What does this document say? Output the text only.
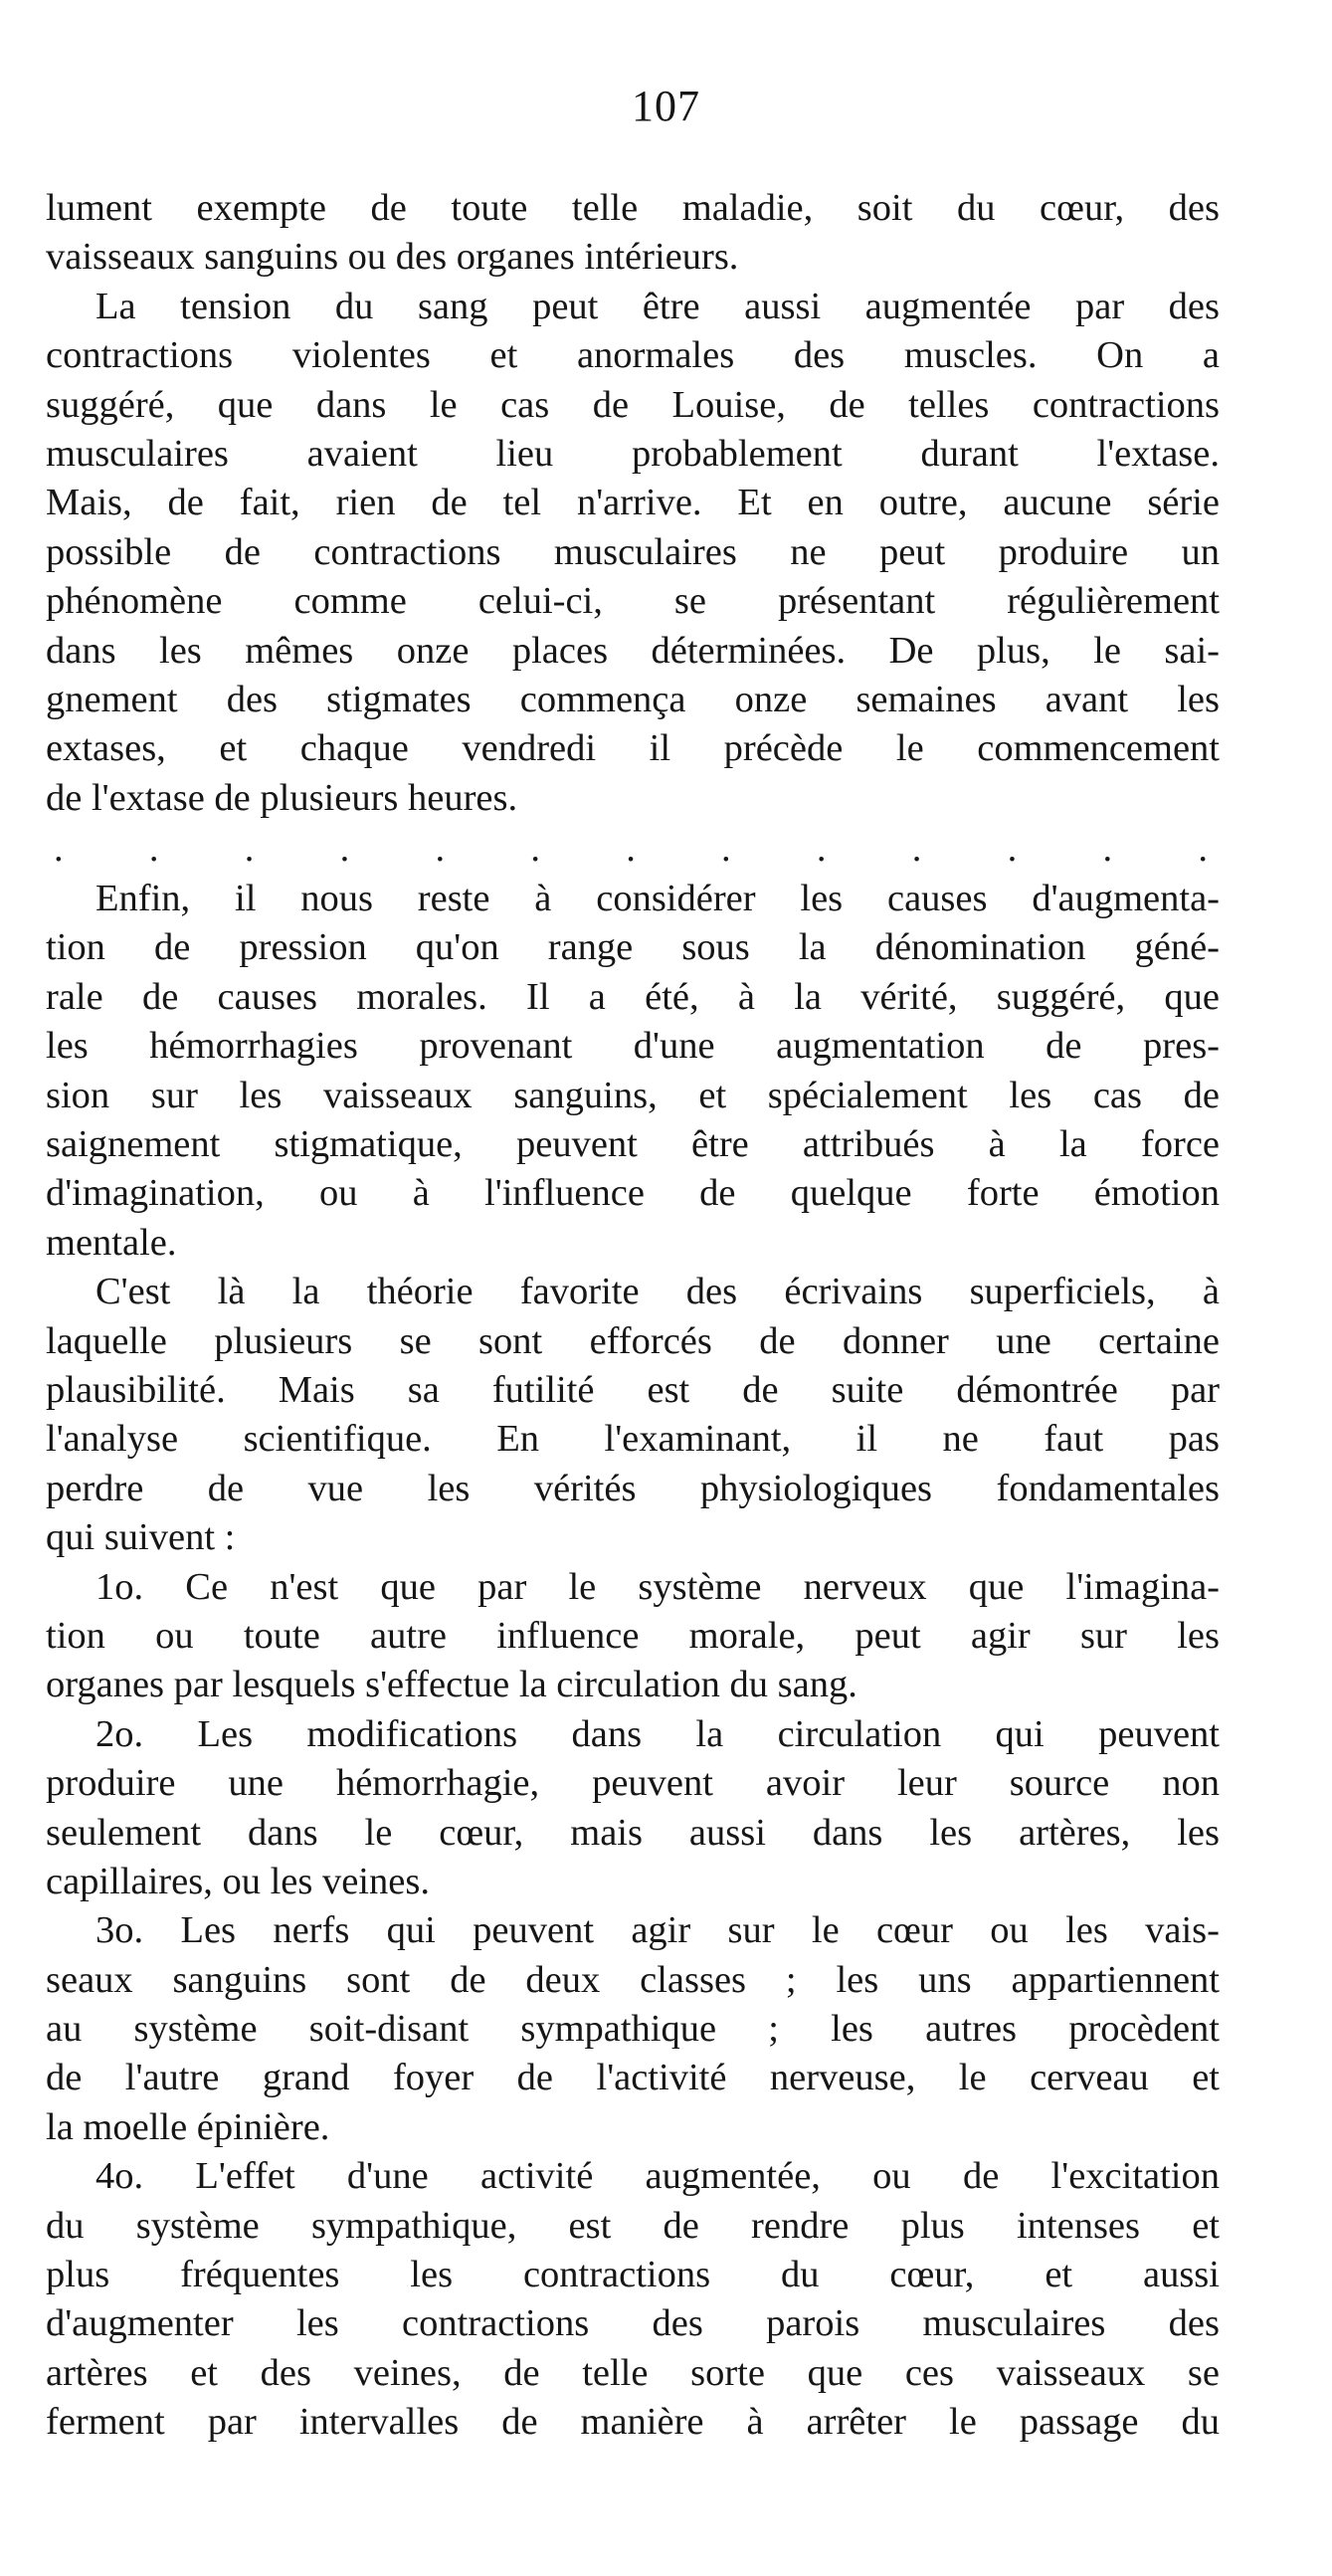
107
lument exempte de toute telle maladie, soit du cœur, des
vaisseaux sanguins ou des organes intérieurs.
La tension du sang peut être aussi augmentée par des
contractions violentes et anormales des muscles. On a
suggéré, que dans le cas de Louise, de telles contractions
musculaires avaient lieu probablement durant l'extase.
Mais, de fait, rien de tel n'arrive. Et en outre, aucune série
possible de contractions musculaires ne peut produire un
phénomène comme celui-ci, se présentant régulièrement
dans les mêmes onze places déterminées. De plus, le sai-
gnement des stigmates commença onze semaines avant les
extases, et chaque vendredi il précède le commencement
de l'extase de plusieurs heures.
. . . . . . . . . . . . .
Enfin, il nous reste à considérer les causes d'augmenta-
tion de pression qu'on range sous la dénomination géné-
rale de causes morales. Il a été, à la vérité, suggéré, que
les hémorrhagies provenant d'une augmentation de pres-
sion sur les vaisseaux sanguins, et spécialement les cas de
saignement stigmatique, peuvent être attribués à la force
d'imagination, ou à l'influence de quelque forte émotion
mentale.
C'est là la théorie favorite des écrivains superficiels, à
laquelle plusieurs se sont efforcés de donner une certaine
plausibilité. Mais sa futilité est de suite démontrée par
l'analyse scientifique. En l'examinant, il ne faut pas
perdre de vue les vérités physiologiques fondamentales
qui suivent :
1o. Ce n'est que par le système nerveux que l'imagina-
tion ou toute autre influence morale, peut agir sur les
organes par lesquels s'effectue la circulation du sang.
2o. Les modifications dans la circulation qui peuvent
produire une hémorrhagie, peuvent avoir leur source non
seulement dans le cœur, mais aussi dans les artères, les
capillaires, ou les veines.
3o. Les nerfs qui peuvent agir sur le cœur ou les vais-
seaux sanguins sont de deux classes ; les uns appartiennent
au système soit-disant sympathique ; les autres procèdent
de l'autre grand foyer de l'activité nerveuse, le cerveau et
la moelle épinière.
4o. L'effet d'une activité augmentée, ou de l'excitation
du système sympathique, est de rendre plus intenses et
plus fréquentes les contractions du cœur, et aussi
d'augmenter les contractions des parois musculaires des
artères et des veines, de telle sorte que ces vaisseaux se
ferment par intervalles de manière à arrêter le passage du
